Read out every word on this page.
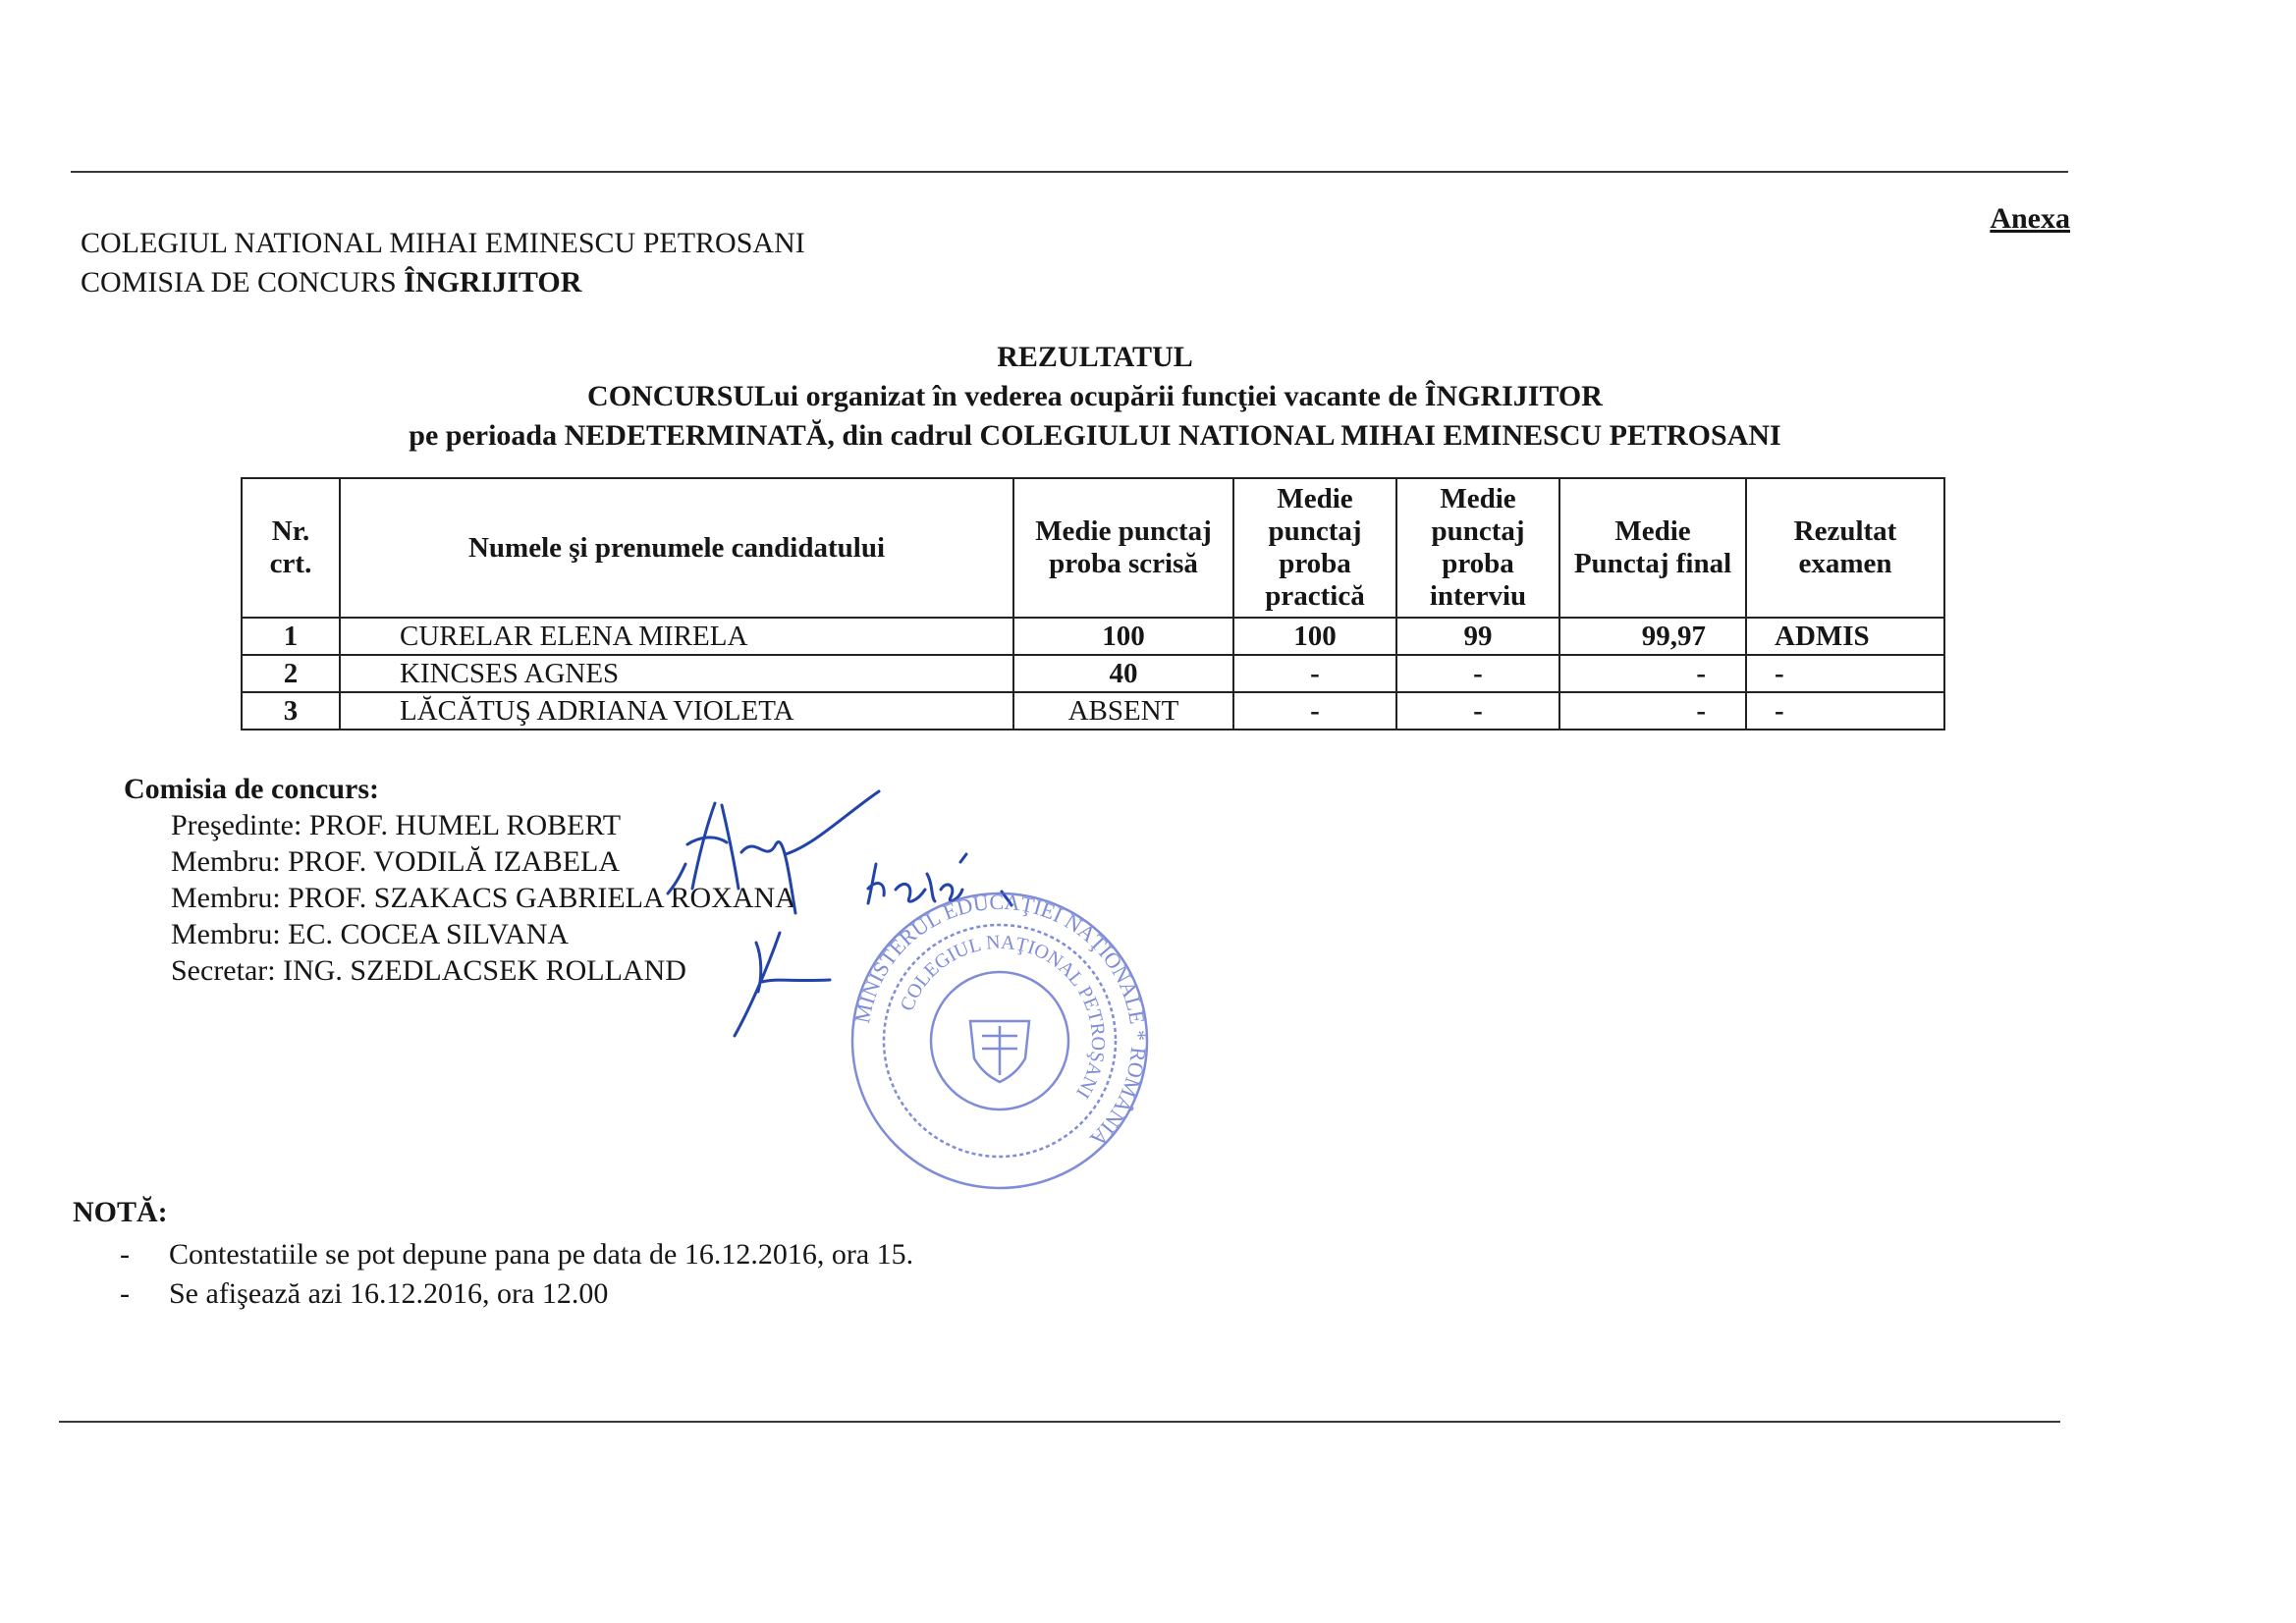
Anexa
COLEGIUL NATIONAL MIHAI EMINESCU PETROSANI
COMISIA DE CONCURS ÎNGRIJITOR
REZULTATUL
CONCURSULui organizat în vederea ocupării funcţiei vacante de ÎNGRIJITOR
pe perioada NEDETERMINATĂ, din cadrul COLEGIULUI NATIONAL MIHAI EMINESCU PETROSANI
Nr. crt.	Numele şi prenumele candidatului	Medie punctaj proba scrisă	Medie punctaj proba practică	Medie punctaj proba interviu	Medie Punctaj final	Rezultat examen
1	CURELAR ELENA MIRELA	100	100	99	99,97	ADMIS
2	KINCSES AGNES	40	-	-	-	-
3	LĂCĂTUŞ ADRIANA VIOLETA	ABSENT	-	-	-	-
Comisia de concurs:
Preşedinte: PROF. HUMEL ROBERT
Membru: PROF. VODILĂ IZABELA
Membru: PROF. SZAKACS GABRIELA ROXANA
Membru: EC. COCEA SILVANA
Secretar: ING. SZEDLACSEK ROLLAND
MINISTERUL EDUCAŢIEI NAŢIONALE * ROMÂNIA
COLEGIUL NAŢIONAL PETROŞANI
NOTĂ:
- Contestatiile se pot depune pana pe data de 16.12.2016, ora 15.
- Se afişează azi 16.12.2016, ora 12.00
